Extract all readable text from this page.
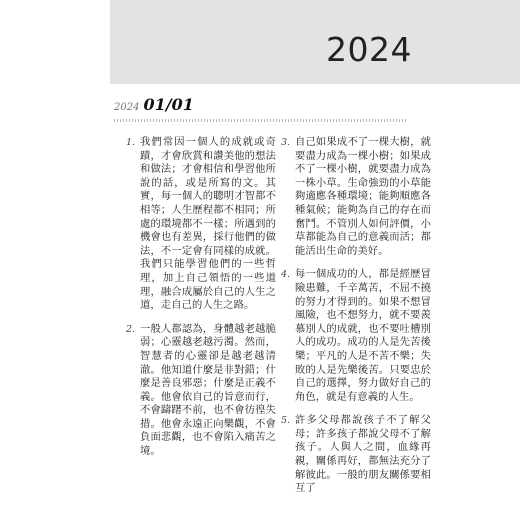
2024
2024 01/01
1. 我們常因一個人的成就或奇蹟，才會欣賞和讚美他的想法和做法；才會相信和學習他所說的話，或是所寫的文。其實，每一個人的聰明才智都不相等；人生歷程都不相同；所處的環境都不一樣；所遇到的機會也有差異，採行他們的做法，不一定會有同樣的成就。我們只能學習他們的一些哲理，加上自己領悟的一些道理，融合成屬於自己的人生之道，走自己的人生之路。
2. 一般人都認為，身體越老越脆弱；心靈越老越污濁。然而，智慧者的心靈卻是越老越清澈。他知道什麼是非對錯；什麼是善良邪惡；什麼是正義不義。他會依自己的旨意而行，不會躊躇不前，也不會彷徨失措。他會永遠正向樂觀，不會負面悲觀，也不會陷入痛苦之境。
3. 自己如果成不了一棵大樹，就要盡力成為一棵小樹；如果成不了一棵小樹，就要盡力成為一株小草。生命強勁的小草能夠適應各種環境；能夠順應各種氣候；能夠為自己的存在而奮鬥。不管別人如何評價，小草都能為自己的意義而活；都能活出生命的美好。
4. 每一個成功的人，都是經歷冒險患難，千辛萬苦，不屈不撓的努力才得到的。如果不想冒風險，也不想努力，就不要羨慕別人的成就，也不要吐槽別人的成功。成功的人是先苦後樂；平凡的人是不苦不樂；失敗的人是先樂後苦。只要忠於自己的選擇，努力做好自己的角色，就是有意義的人生。
5. 許多父母都說孩子不了解父母；許多孩子都說父母不了解孩子。人與人之間，血緣再親，關係再好，都無法充分了解彼此。一般的朋友關係要相互了
